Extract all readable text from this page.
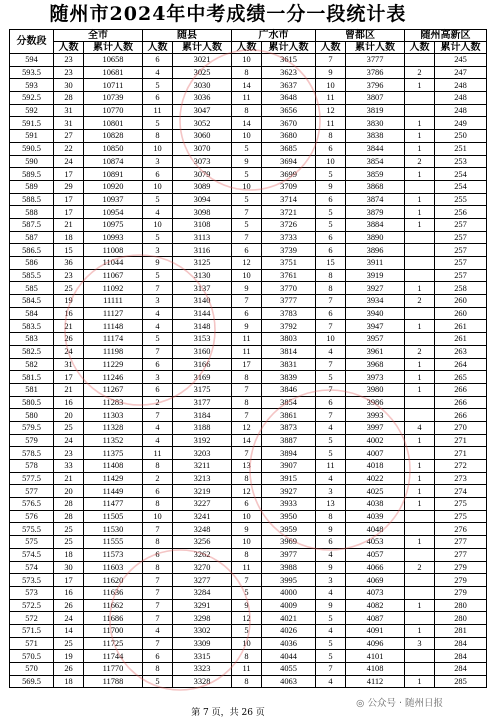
随州市2024年中考成绩一分一段统计表
分数段	全市		随县		广水市		曾都区		随州高新区	
	人数	累计人数	人数	累计人数	人数	累计人数	人数	累计人数	人数	累计人数
594	23	10658	6	3021	10	3615	7	3777		245
593.5	23	10681	4	3025	8	3623	9	3786	2	247
593	30	10711	5	3030	14	3637	10	3796	1	248
592.5	28	10739	6	3036	11	3648	11	3807		248
592	31	10770	11	3047	8	3656	12	3819		248
591.5	31	10801	5	3052	14	3670	11	3830	1	249
591	27	10828	8	3060	10	3680	8	3838	1	250
590.5	22	10850	10	3070	5	3685	6	3844	1	251
590	24	10874	3	3073	9	3694	10	3854	2	253
589.5	17	10891	6	3079	5	3699	5	3859	1	254
589	29	10920	10	3089	10	3709	9	3868		254
588.5	17	10937	5	3094	5	3714	6	3874	1	255
588	17	10954	4	3098	7	3721	5	3879	1	256
587.5	21	10975	10	3108	5	3726	5	3884	1	257
587	18	10993	5	3113	7	3733	6	3890		257
586.5	15	11008	3	3116	6	3739	6	3896		257
586	36	11044	9	3125	12	3751	15	3911		257
585.5	23	11067	5	3130	10	3761	8	3919		257
585	25	11092	7	3137	9	3770	8	3927	1	258
584.5	19	11111	3	3140	7	3777	7	3934	2	260
584	16	11127	4	3144	6	3783	6	3940		260
583.5	21	11148	4	3148	9	3792	7	3947	1	261
583	26	11174	5	3153	11	3803	10	3957		261
582.5	24	11198	7	3160	11	3814	4	3961	2	263
582	31	11229	6	3166	17	3831	7	3968	1	264
581.5	17	11246	3	3169	8	3839	5	3973	1	265
581	21	11267	6	3175	7	3846	7	3980	1	266
580.5	16	11283	2	3177	8	3854	6	3986		266
580	20	11303	7	3184	7	3861	7	3993		266
579.5	25	11328	4	3188	12	3873	4	3997	4	270
579	24	11352	4	3192	14	3887	5	4002	1	271
578.5	23	11375	11	3203	7	3894	5	4007		271
578	33	11408	8	3211	13	3907	11	4018	1	272
577.5	21	11429	2	3213	8	3915	4	4022	1	273
577	20	11449	6	3219	12	3927	3	4025	1	274
576.5	28	11477	8	3227	6	3933	13	4038	1	275
576	28	11505	10	3241	10	3950	8	4039		275
575.5	25	11530	7	3248	9	3959	9	4048		276
575	25	11555	8	3256	10	3969	6	4053	1	277
574.5	18	11573	6	3262	8	3977	4	4057		277
574	30	11603	8	3270	11	3988	9	4066	2	279
573.5	17	11620	7	3277	7	3995	3	4069		279
573	16	11636	7	3284	5	4000	4	4073		279
572.5	26	11662	7	3291	9	4009	9	4082	1	280
572	24	11686	7	3298	12	4021	5	4087		280
571.5	14	11700	4	3302	5	4026	4	4091	1	281
571	25	11725	7	3309	10	4036	5	4096	3	284
570.5	19	11744	6	3315	8	4044	5	4101		284
570	26	11770	8	3323	11	4055	7	4108		284
569.5	18	11788	5	3328	8	4063	4	4112	1	285
第 7 页，共 26 页
◎ 公众号 · 随州日报
